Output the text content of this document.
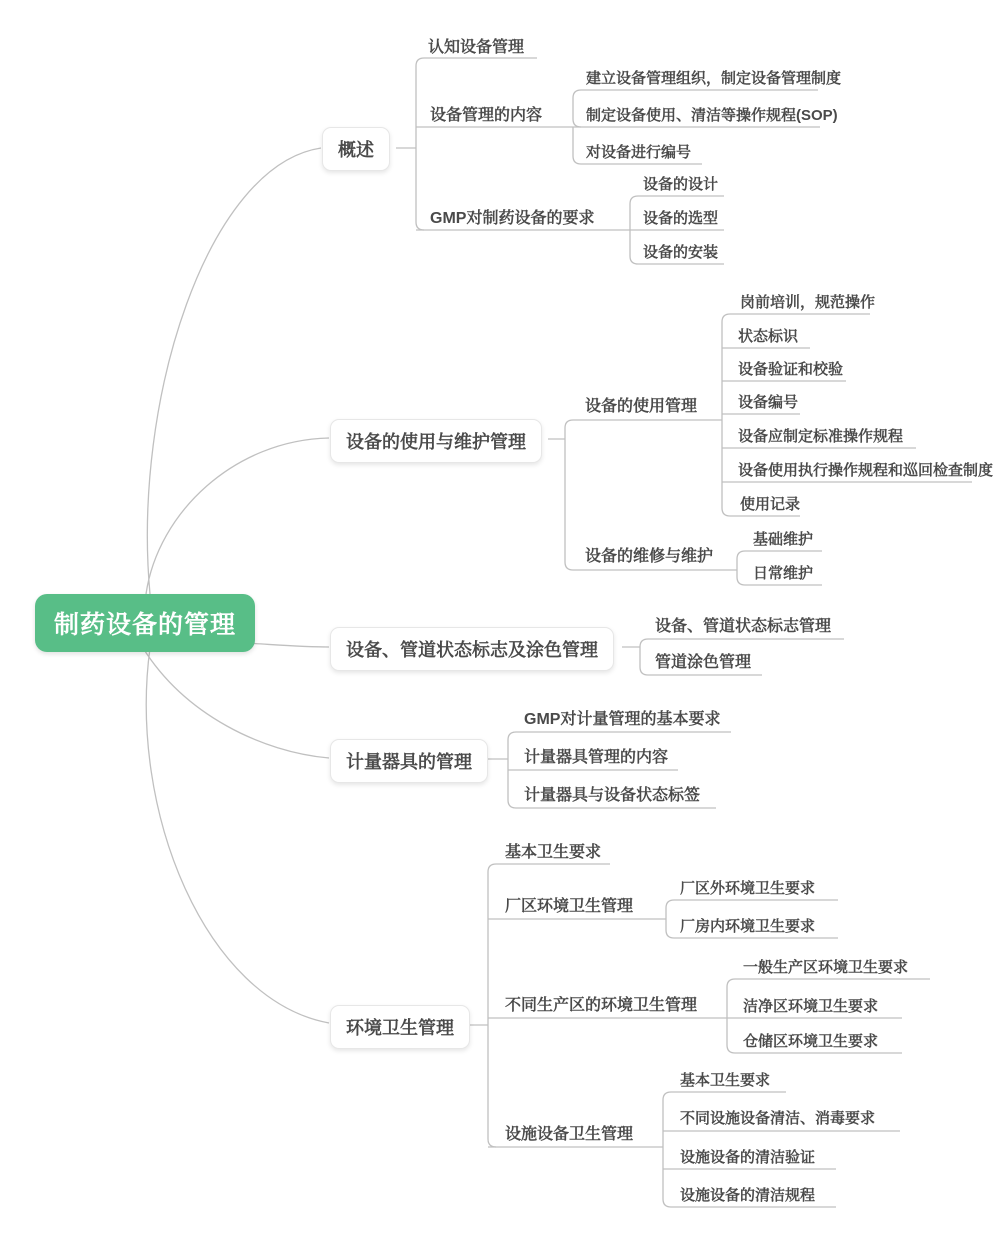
制药设备的管理
概述
设备的使用与维护管理
设备、管道状态标志及涂色管理
计量器具的管理
环境卫生管理
认知设备管理
设备管理的内容
建立设备管理组织，制定设备管理制度
制定设备使用、清洁等操作规程(SOP)
对设备进行编号
GMP对制药设备的要求
设备的设计
设备的选型
设备的安装
设备的使用管理
岗前培训，规范操作
状态标识
设备验证和校验
设备编号
设备应制定标准操作规程
设备使用执行操作规程和巡回检查制度
使用记录
设备的维修与维护
基础维护
日常维护
设备、管道状态标志管理
管道涂色管理
GMP对计量管理的基本要求
计量器具管理的内容
计量器具与设备状态标签
基本卫生要求
厂区环境卫生管理
厂区外环境卫生要求
厂房内环境卫生要求
不同生产区的环境卫生管理
一般生产区环境卫生要求
洁净区环境卫生要求
仓储区环境卫生要求
设施设备卫生管理
基本卫生要求
不同设施设备清洁、消毒要求
设施设备的清洁验证
设施设备的清洁规程
